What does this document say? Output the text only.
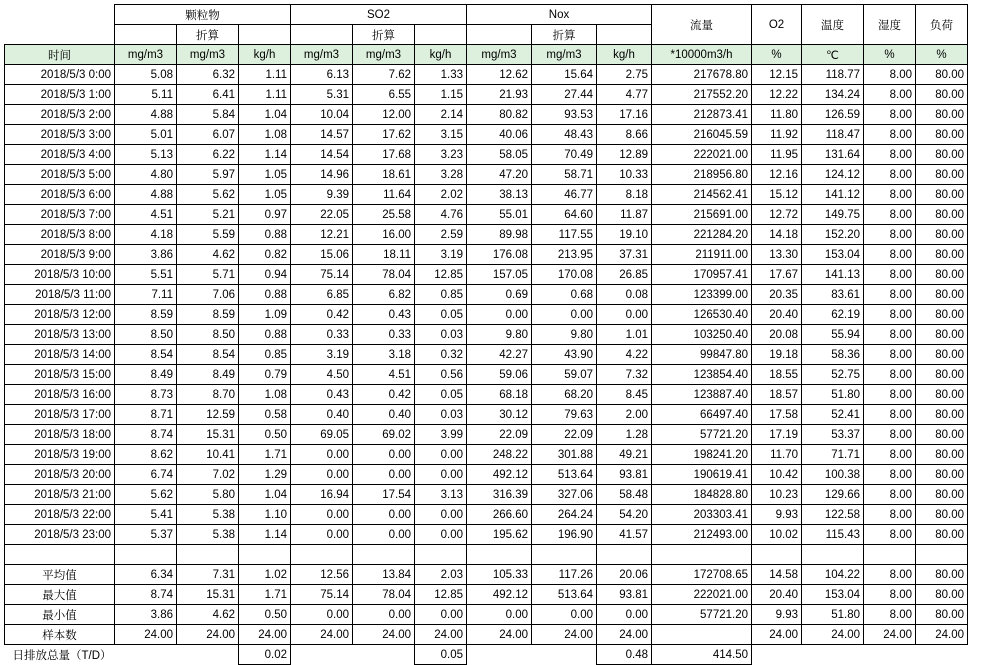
	颗粒物			SO2			Nox			流量	O2	温度	湿度	负荷
		折算			折算			折算						
时间	mg/m3	mg/m3	kg/h	mg/m3	mg/m3	kg/h	mg/m3	mg/m3	kg/h	*10000m3/h	%	℃	%	%
2018/5/3 0:00	5.08	6.32	1.11	6.13	7.62	1.33	12.62	15.64	2.75	217678.80	12.15	118.77	8.00	80.00
2018/5/3 1:00	5.11	6.41	1.11	5.31	6.55	1.15	21.93	27.44	4.77	217552.20	12.22	134.24	8.00	80.00
2018/5/3 2:00	4.88	5.84	1.04	10.04	12.00	2.14	80.82	93.53	17.16	212873.41	11.80	126.59	8.00	80.00
2018/5/3 3:00	5.01	6.07	1.08	14.57	17.62	3.15	40.06	48.43	8.66	216045.59	11.92	118.47	8.00	80.00
2018/5/3 4:00	5.13	6.22	1.14	14.54	17.68	3.23	58.05	70.49	12.89	222021.00	11.95	131.64	8.00	80.00
2018/5/3 5:00	4.80	5.97	1.05	14.96	18.61	3.28	47.20	58.71	10.33	218956.80	12.16	124.12	8.00	80.00
2018/5/3 6:00	4.88	5.62	1.05	9.39	11.64	2.02	38.13	46.77	8.18	214562.41	15.12	141.12	8.00	80.00
2018/5/3 7:00	4.51	5.21	0.97	22.05	25.58	4.76	55.01	64.60	11.87	215691.00	12.72	149.75	8.00	80.00
2018/5/3 8:00	4.18	5.59	0.88	12.21	16.00	2.59	89.98	117.55	19.10	221284.20	14.18	152.20	8.00	80.00
2018/5/3 9:00	3.86	4.62	0.82	15.06	18.11	3.19	176.08	213.95	37.31	211911.00	13.30	153.04	8.00	80.00
2018/5/3 10:00	5.51	5.71	0.94	75.14	78.04	12.85	157.05	170.08	26.85	170957.41	17.67	141.13	8.00	80.00
2018/5/3 11:00	7.11	7.06	0.88	6.85	6.82	0.85	0.69	0.68	0.08	123399.00	20.35	83.61	8.00	80.00
2018/5/3 12:00	8.59	8.59	1.09	0.42	0.43	0.05	0.00	0.00	0.00	126530.40	20.40	62.19	8.00	80.00
2018/5/3 13:00	8.50	8.50	0.88	0.33	0.33	0.03	9.80	9.80	1.01	103250.40	20.08	55.94	8.00	80.00
2018/5/3 14:00	8.54	8.54	0.85	3.19	3.18	0.32	42.27	43.90	4.22	99847.80	19.18	58.36	8.00	80.00
2018/5/3 15:00	8.49	8.49	0.79	4.50	4.51	0.56	59.06	59.07	7.32	123854.40	18.55	52.75	8.00	80.00
2018/5/3 16:00	8.73	8.70	1.08	0.43	0.42	0.05	68.18	68.20	8.45	123887.40	18.57	51.80	8.00	80.00
2018/5/3 17:00	8.71	12.59	0.58	0.40	0.40	0.03	30.12	79.63	2.00	66497.40	17.58	52.41	8.00	80.00
2018/5/3 18:00	8.74	15.31	0.50	69.05	69.02	3.99	22.09	22.09	1.28	57721.20	17.19	53.37	8.00	80.00
2018/5/3 19:00	8.62	10.41	1.71	0.00	0.00	0.00	248.22	301.88	49.21	198241.20	11.70	71.71	8.00	80.00
2018/5/3 20:00	6.74	7.02	1.29	0.00	0.00	0.00	492.12	513.64	93.81	190619.41	10.42	100.38	8.00	80.00
2018/5/3 21:00	5.62	5.80	1.04	16.94	17.54	3.13	316.39	327.06	58.48	184828.80	10.23	129.66	8.00	80.00
2018/5/3 22:00	5.41	5.38	1.10	0.00	0.00	0.00	266.60	264.24	54.20	203303.41	9.93	122.58	8.00	80.00
2018/5/3 23:00	5.37	5.38	1.14	0.00	0.00	0.00	195.62	196.90	41.57	212493.00	10.02	115.43	8.00	80.00

平均值	6.34	7.31	1.02	12.56	13.84	2.03	105.33	117.26	20.06	172708.65	14.58	104.22	8.00	80.00
最大值	8.74	15.31	1.71	75.14	78.04	12.85	492.12	513.64	93.81	222021.00	20.40	153.04	8.00	80.00
最小值	3.86	4.62	0.50	0.00	0.00	0.00	0.00	0.00	0.00	57721.20	9.93	51.80	8.00	80.00
样本数	24.00	24.00	24.00	24.00	24.00	24.00	24.00	24.00	24.00		24.00	24.00	24.00	24.00
日排放总量（T/D）			0.02			0.05			0.48	414.50				
